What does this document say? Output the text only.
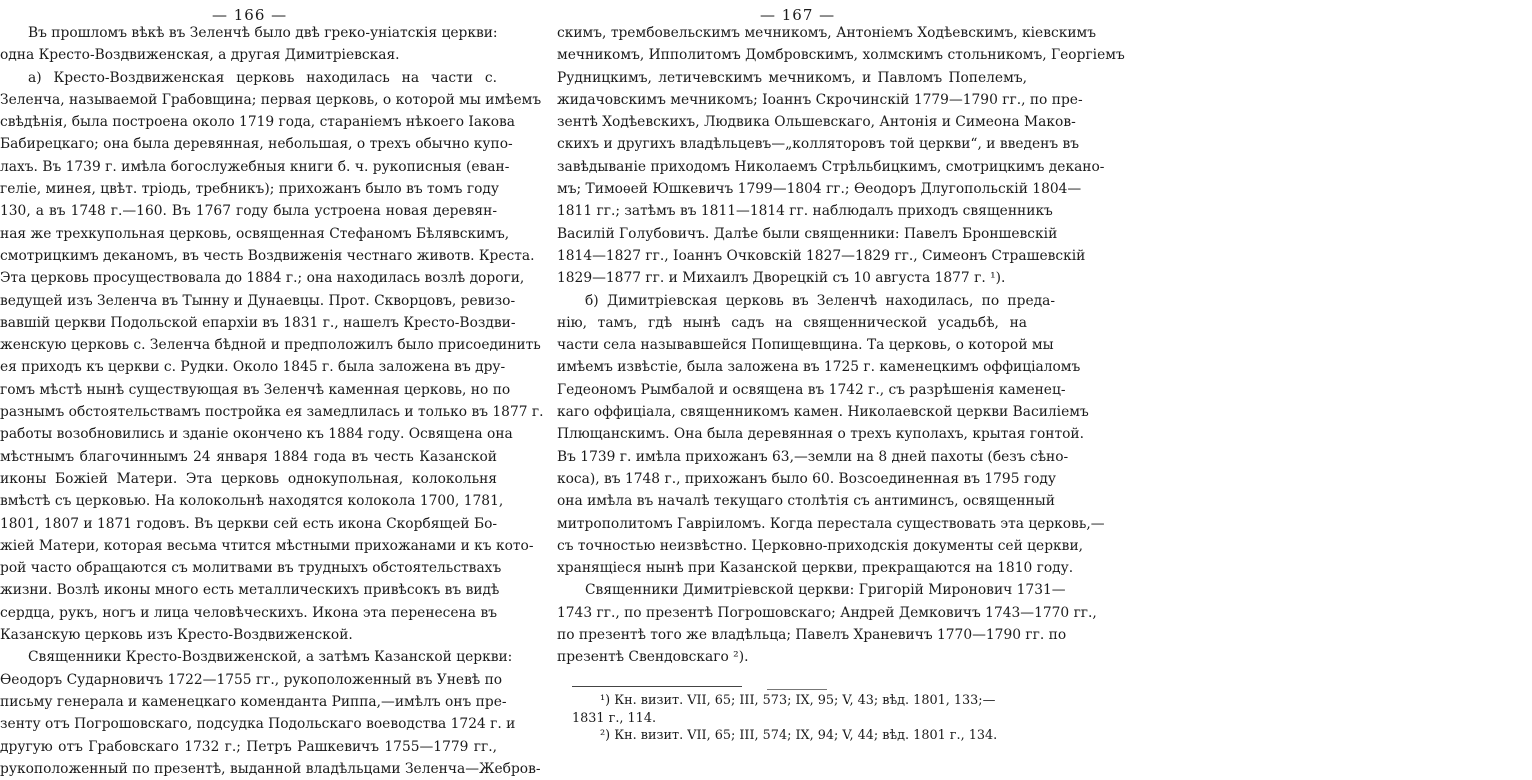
— 166 —
Въ прошломъ вѣкѣ въ Зеленчѣ было двѣ греко-уніатскія церкви:
одна Кресто-Воздвиженская, а другая Димитріевская.
а) Кресто-Воздвиженская церковь находилась на части с.
Зеленча, называемой Грабовщина; первая церковь, о которой мы имѣемъ
свѣдѣнія, была построена около 1719 года, стараніемъ нѣкоего Іакова
Бабирецкаго; она была деревянная, небольшая, о трехъ обычно купо-
лахъ. Въ 1739 г. имѣла богослужебныя книги б. ч. рукописныя (еван-
геліе, минея, цвѣт. тріодь, требникъ); прихожанъ было въ томъ году
130, а въ 1748 г.—160. Въ 1767 году была устроена новая деревян-
ная же трехкупольная церковь, освященная Стефаномъ Бѣлявскимъ,
смотрицкимъ деканомъ, въ честь Воздвиженія честнаго животв. Креста.
Эта церковь просуществовала до 1884 г.; она находилась возлѣ дороги,
ведущей изъ Зеленча въ Тынну и Дунаевцы. Прот. Скворцовъ, ревизо-
вавшій церкви Подольской епархіи въ 1831 г., нашелъ Кресто-Воздви-
женскую церковь с. Зеленча бѣдной и предположилъ было присоединить
ея приходъ къ церкви с. Рудки. Около 1845 г. была заложена въ дру-
гомъ мѣстѣ нынѣ существующая въ Зеленчѣ каменная церковь, но по
разнымъ обстоятельствамъ постройка ея замедлилась и только въ 1877 г.
работы возобновились и зданіе окончено къ 1884 году. Освящена она
мѣстнымъ благочиннымъ 24 января 1884 года въ честь Казанской
иконы Божіей Матери. Эта церковь однокупольная, колокольня
вмѣстѣ съ церковью. На колокольнѣ находятся колокола 1700, 1781,
1801, 1807 и 1871 годовъ. Въ церкви сей есть икона Скорбящей Бо-
жіей Матери, которая весьма чтится мѣстными прихожанами и къ кото-
рой часто обращаются съ молитвами въ трудныхъ обстоятельствахъ
жизни. Возлѣ иконы много есть металлическихъ привѣсокъ въ видѣ
сердца, рукъ, ногъ и лица человѣческихъ. Икона эта перенесена въ
Казанскую церковь изъ Кресто-Воздвиженской.
Священники Кресто-Воздвиженской, а затѣмъ Казанской церкви:
Ѳеодоръ Сударновичъ 1722—1755 гг., рукоположенный въ Уневѣ по
письму генерала и каменецкаго коменданта Риппа,—имѣлъ онъ пре-
зенту отъ Погрошовскаго, подсудка Подольскаго воеводства 1724 г. и
другую отъ Грабовскаго 1732 г.; Петръ Рашкевичъ 1755—1779 гг.,
рукоположенный по презентѣ, выданной владѣльцами Зеленча—Жебров-
— 167 —
скимъ, трембовельскимъ мечникомъ, Антоніемъ Ходѣевскимъ, кіевскимъ
мечникомъ, Ипполитомъ Домбровскимъ, холмскимъ стольникомъ, Георгіемъ
Рудницкимъ, летичевскимъ мечникомъ, и Павломъ Попелемъ,
жидачовскимъ мечникомъ; Іоаннъ Скрочинскій 1779—1790 гг., по пре-
зентѣ Ходѣевскихъ, Людвика Ольшевскаго, Антонія и Симеона Маков-
скихъ и другихъ владѣльцевъ—„колляторовъ той церкви“, и введенъ въ
завѣдываніе приходомъ Николаемъ Стрѣльбицкимъ, смотрицкимъ декано-
мъ; Тимоѳей Юшкевичъ 1799—1804 гг.; Ѳеодоръ Длугопольскій 1804—
1811 гг.; затѣмъ въ 1811—1814 гг. наблюдалъ приходъ священникъ
Василій Голубовичъ. Далѣе были священники: Павелъ Броншевскій
1814—1827 гг., Іоаннъ Очковскій 1827—1829 гг., Симеонъ Страшевскій
1829—1877 гг. и Михаилъ Дворецкій съ 10 августа 1877 г. ¹).
б) Димитріевская церковь въ Зеленчѣ находилась, по преда-
нію, тамъ, гдѣ нынѣ садъ на священнической усадьбѣ, на
части села называвшейся Попищевщина. Та церковь, о которой мы
имѣемъ извѣстіе, была заложена въ 1725 г. каменецкимъ оффиціаломъ
Гедеономъ Рымбалой и освящена въ 1742 г., съ разрѣшенія каменец-
каго оффиціала, священникомъ камен. Николаевской церкви Василіемъ
Плющанскимъ. Она была деревянная о трехъ куполахъ, крытая гонтой.
Въ 1739 г. имѣла прихожанъ 63,—земли на 8 дней пахоты (безъ сѣно-
коса), въ 1748 г., прихожанъ было 60. Возсоединенная въ 1795 году
она имѣла въ началѣ текущаго столѣтія съ антиминсъ, освященный
митрополитомъ Гавріиломъ. Когда перестала существовать эта церковь,—
съ точностью неизвѣстно. Церковно-приходскія документы сей церкви,
хранящіеся нынѣ при Казанской церкви, прекращаются на 1810 году.
Священники Димитріевской церкви: Григорій Миронович 1731—
1743 гг., по презентѣ Погрошовскаго; Андрей Демковичъ 1743—1770 гг.,
по презентѣ того же владѣльца; Павелъ Храневичъ 1770—1790 гг. по
презентѣ Свендовскаго ²).
¹) Кн. визит. VII, 65; III, 573; IX, 95; V, 43; вѣд. 1801, 133;—
1831 г., 114.
²) Кн. визит. VII, 65; III, 574; IX, 94; V, 44; вѣд. 1801 г., 134.
